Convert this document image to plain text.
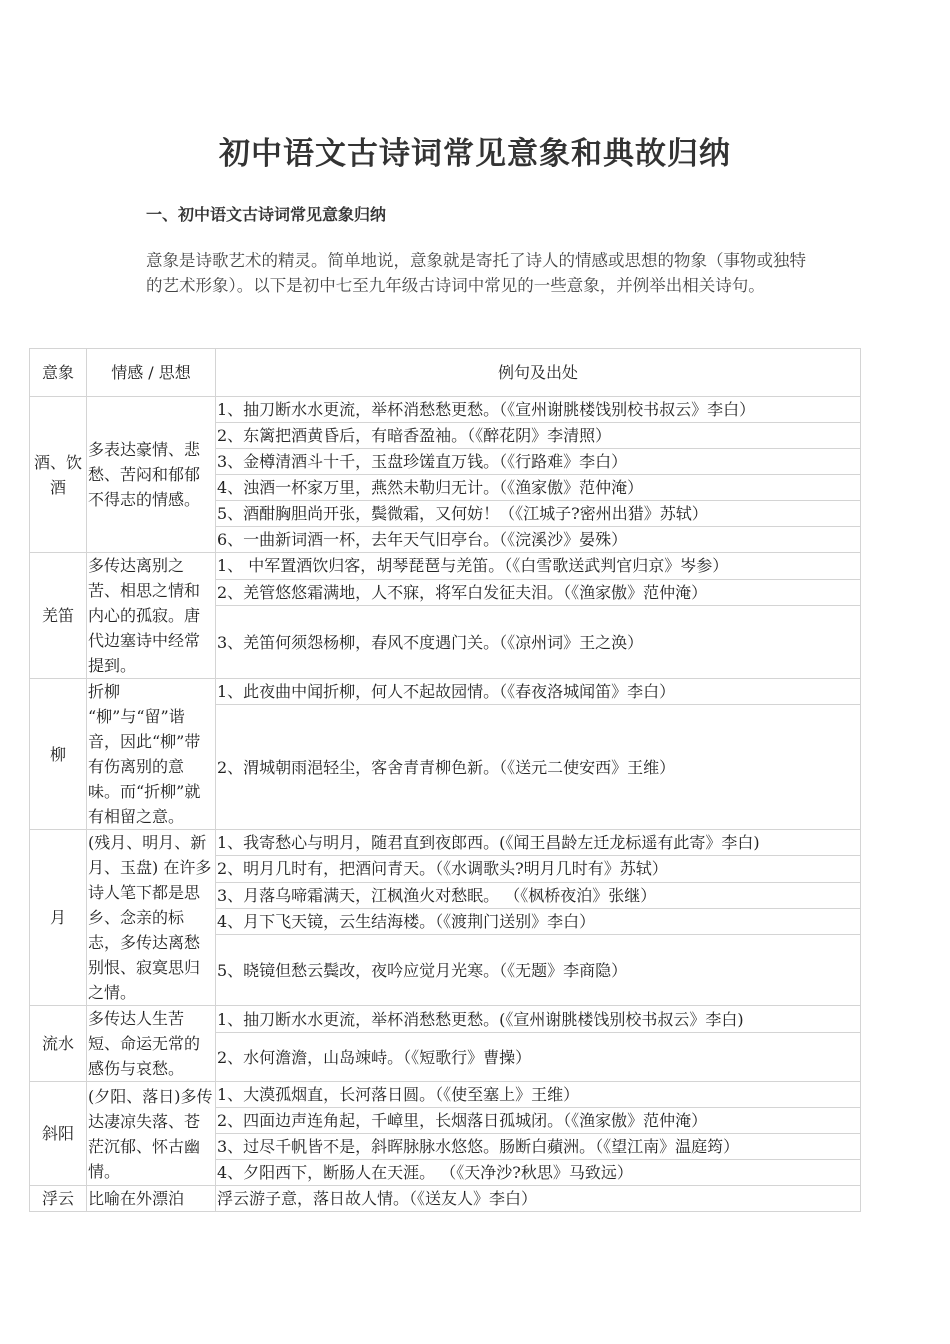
初中语文古诗词常见意象和典故归纳
一、初中语文古诗词常见意象归纳

意象是诗歌艺术的精灵。简单地说，意象就是寄托了诗人的情感或思想的物象（事物或独特的艺术形象）。以下是初中七至九年级古诗词中常见的一些意象，并例举出相关诗句。

意象	情感 / 思想	例句及出处
酒、饮酒	多表达豪情、悲愁、苦闷和郁郁不得志的情感。	1、抽刀断水水更流，举杯消愁愁更愁。（《宣州谢朓楼饯别校书叔云》李白）
		2、东篱把酒黄昏后，有暗香盈袖。（《醉花阴》李清照）
		3、金樽清酒斗十千，玉盘珍馐直万钱。（《行路难》李白）
		4、浊酒一杯家万里，燕然未勒归无计。（《渔家傲》范仲淹）
		5、酒酣胸胆尚开张，鬓微霜，又何妨！（《江城子?密州出猎》苏轼）
		6、一曲新词酒一杯，去年天气旧亭台。（《浣溪沙》晏殊）
羌笛	多传达离别之苦、相思之情和内心的孤寂。唐代边塞诗中经常提到。	1、 中军置酒饮归客，胡琴琵琶与羌笛。（《白雪歌送武判官归京》岑参）
		2、羌管悠悠霜满地，人不寐，将军白发征夫泪。（《渔家傲》范仲淹）
		3、羌笛何须怨杨柳，春风不度遇门关。（《凉州词》王之涣）
柳	折柳 “柳”与“留”谐音，因此“柳”带有伤离别的意味。而“折柳”就有相留之意。	1、此夜曲中闻折柳，何人不起故园情。（《春夜洛城闻笛》李白）
		2、渭城朝雨浥轻尘，客舍青青柳色新。（《送元二使安西》王维）
月	(残月、明月、新月、玉盘) 在许多诗人笔下都是思乡、念亲的标志，多传达离愁别恨、寂寞思归之情。	1、我寄愁心与明月，随君直到夜郎西。(《闻王昌龄左迁龙标遥有此寄》李白)
		2、明月几时有，把酒问青天。（《水调歌头?明月几时有》苏轼）
		3、月落乌啼霜满天，江枫渔火对愁眠。 （《枫桥夜泊》张继）
		4、月下飞天镜，云生结海楼。（《渡荆门送别》李白）
		5、晓镜但愁云鬓改，夜吟应觉月光寒。（《无题》李商隐）
流水	多传达人生苦短、命运无常的感伤与哀愁。	1、抽刀断水水更流，举杯消愁愁更愁。(《宣州谢朓楼饯别校书叔云》李白)
		2、水何澹澹，山岛竦峙。（《短歌行》曹操）
斜阳	(夕阳、落日)多传达凄凉失落、苍茫沉郁、怀古幽情。	1、大漠孤烟直，长河落日圆。（《使至塞上》王维）
		2、四面边声连角起，千嶂里，长烟落日孤城闭。（《渔家傲》范仲淹）
		3、过尽千帆皆不是，斜晖脉脉水悠悠。肠断白蘋洲。（《望江南》温庭筠）
		4、夕阳西下，断肠人在天涯。 （《天净沙?秋思》马致远）
浮云	比喻在外漂泊	浮云游子意，落日故人情。（《送友人》李白）
